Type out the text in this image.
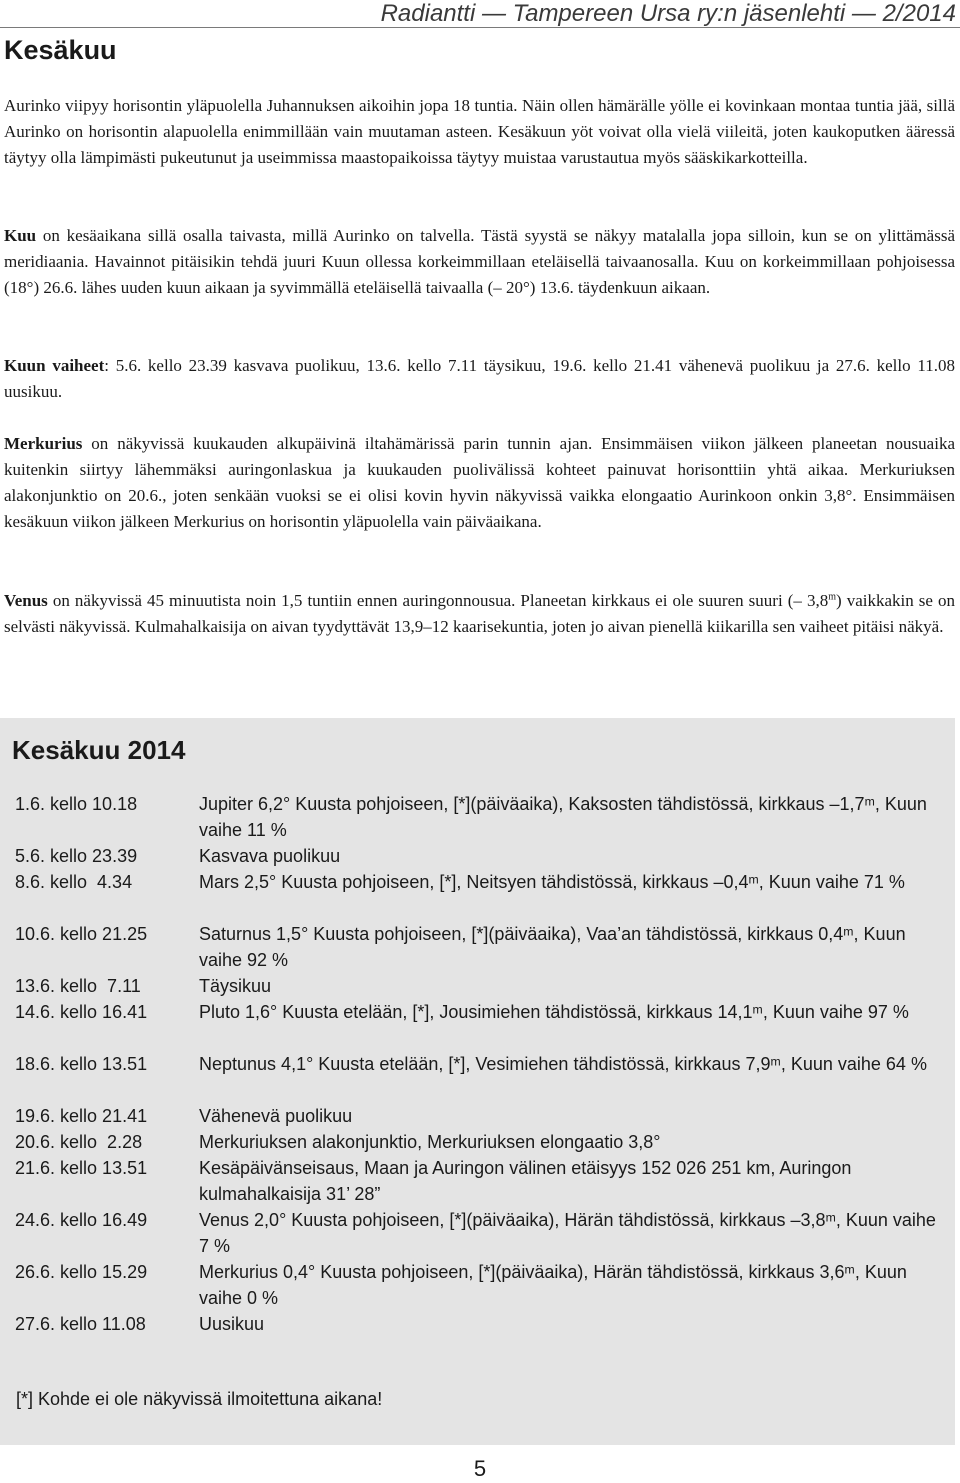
Radiantti — Tampereen Ursa ry:n jäsenlehti — 2/2014
Kesäkuu

Aurinko viipyy horisontin yläpuolella Juhannuksen aikoihin jopa 18 tuntia. Näin ollen hämärälle yölle ei kovinkaan montaa tuntia jää, sillä Aurinko on horisontin alapuolella enimmillään vain muutaman asteen. Kesäkuun yöt voivat olla vielä viileitä, joten kaukoputken ääressä täytyy olla lämpimästi pukeutunut ja useimmissa maastopaikoissa täytyy muistaa varustautua myös sääskikarkotteilla.

Kuu on kesäaikana sillä osalla taivasta, millä Aurinko on talvella. Tästä syystä se näkyy matalalla jopa silloin, kun se on ylittämässä meridiaania. Havainnot pitäisikin tehdä juuri Kuun ollessa korkeimmillaan eteläisellä taivaanosalla. Kuu on korkeimmillaan pohjoisessa (18°) 26.6. lähes uuden kuun aikaan ja syvimmällä eteläisellä taivaalla (– 20°) 13.6. täydenkuun aikaan.

Kuun vaiheet: 5.6. kello 23.39 kasvava puolikuu, 13.6. kello 7.11 täysikuu, 19.6. kello 21.41 vähenevä puolikuu ja 27.6. kello 11.08 uusikuu.

Merkurius on näkyvissä kuukauden alkupäivinä iltahämärissä parin tunnin ajan. Ensimmäisen viikon jälkeen planeetan nousuaika kuitenkin siirtyy lähemmäksi auringonlaskua ja kuukauden puolivälissä kohteet painuvat horisonttiin yhtä aikaa. Merkuriuksen alakonjunktio on 20.6., joten senkään vuoksi se ei olisi kovin hyvin näkyvissä vaikka elongaatio Aurinkoon onkin 3,8°. Ensimmäisen kesäkuun viikon jälkeen Merkurius on horisontin yläpuolella vain päiväaikana.

Venus on näkyvissä 45 minuutista noin 1,5 tuntiin ennen auringonnousua. Planeetan kirkkaus ei ole suuren suuri (– 3,8$^m$) vaikkakin se on selvästi näkyvissä. Kulmahalkaisija on aivan tyydyttävät 13,9–12 kaarisekuntia, joten jo aivan pienellä kiikarilla sen vaiheet pitäisi näkyä.

Kesäkuu 2014
1.6. kello 10.18	Jupiter 6,2° Kuusta pohjoiseen, [*](päiväaika), Kaksosten tähdistössä, kirkkaus –1,7ᵐ, Kuun vaihe 11 %
5.6. kello 23.39	Kasvava puolikuu
8.6. kello  4.34	Mars 2,5° Kuusta pohjoiseen, [*], Neitsyen tähdistössä, kirkkaus –0,4ᵐ, Kuun vaihe 71 %
10.6. kello 21.25	Saturnus 1,5° Kuusta pohjoiseen, [*](päiväaika), Vaa’an tähdistössä, kirkkaus 0,4ᵐ, Kuun vaihe 92 %
13.6. kello  7.11	Täysikuu
14.6. kello 16.41	Pluto 1,6° Kuusta etelään, [*], Jousimiehen tähdistössä, kirkkaus 14,1ᵐ, Kuun vaihe 97 %
18.6. kello 13.51	Neptunus 4,1° Kuusta etelään, [*], Vesimiehen tähdistössä, kirkkaus 7,9ᵐ, Kuun vaihe 64 %
19.6. kello 21.41	Vähenevä puolikuu
20.6. kello  2.28	Merkuriuksen alakonjunktio, Merkuriuksen elongaatio 3,8°
21.6. kello 13.51	Kesäpäivänseisaus, Maan ja Auringon välinen etäisyys 152 026 251 km, Auringon kulmahalkaisija 31’ 28”
24.6. kello 16.49	Venus 2,0° Kuusta pohjoiseen, [*](päiväaika), Härän tähdistössä, kirkkaus –3,8ᵐ, Kuun vaihe 7 %
26.6. kello 15.29	Merkurius 0,4° Kuusta pohjoiseen, [*](päiväaika), Härän tähdistössä, kirkkaus 3,6ᵐ, Kuun vaihe 0 %
27.6. kello 11.08	Uusikuu
[*] Kohde ei ole näkyvissä ilmoitettuna aikana!
5
